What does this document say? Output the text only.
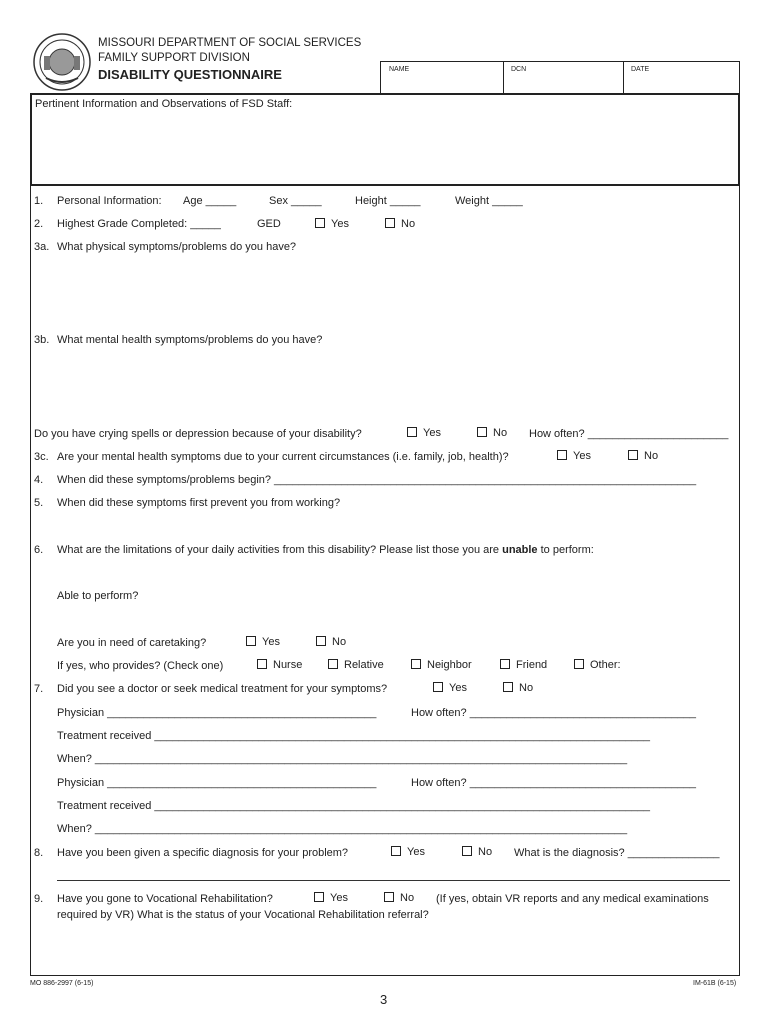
MISSOURI DEPARTMENT OF SOCIAL SERVICES
FAMILY SUPPORT DIVISION
DISABILITY QUESTIONNAIRE	NAME	DCN	DATE
Pertinent Information and Observations of FSD Staff:
1. Personal Information: Age _____	Sex _____	Height _____	Weight _____
2. Highest Grade Completed: _____	GED	Yes	No
3a. What physical symptoms/problems do you have?
3b. What mental health symptoms/problems do you have?
Do you have crying spells or depression because of your disability?	Yes	No How often? _______________________
3c. Are your mental health symptoms due to your current circumstances (i.e. family, job, health)?	Yes	No
4. When did these symptoms/problems begin? _____________________________________________________________________
5. When did these symptoms first prevent you from working?
6. What are the limitations of your daily activities from this disability? Please list those you are unable to perform:
Able to perform?
Are you in need of caretaking?	Yes	No
If yes, who provides? (Check one)	Nurse	Relative	Neighbor	Friend	Other:
7. Did you see a doctor or seek medical treatment for your symptoms?	Yes	No
Physician ____________________________________________	How often? _____________________________________
Treatment received _________________________________________________________________________________
When? _______________________________________________________________________________________
Physician ____________________________________________	How often? _____________________________________
Treatment received _________________________________________________________________________________
When? _______________________________________________________________________________________
8. Have you been given a specific diagnosis for your problem?	Yes	No What is the diagnosis? _______________
9. Have you gone to Vocational Rehabilitation?	Yes	No (If yes, obtain VR reports and any medical examinations
required by VR) What is the status of your Vocational Rehabilitation referral?
MO 886-2997 (6-15)	IM-61B (6-15)
3
